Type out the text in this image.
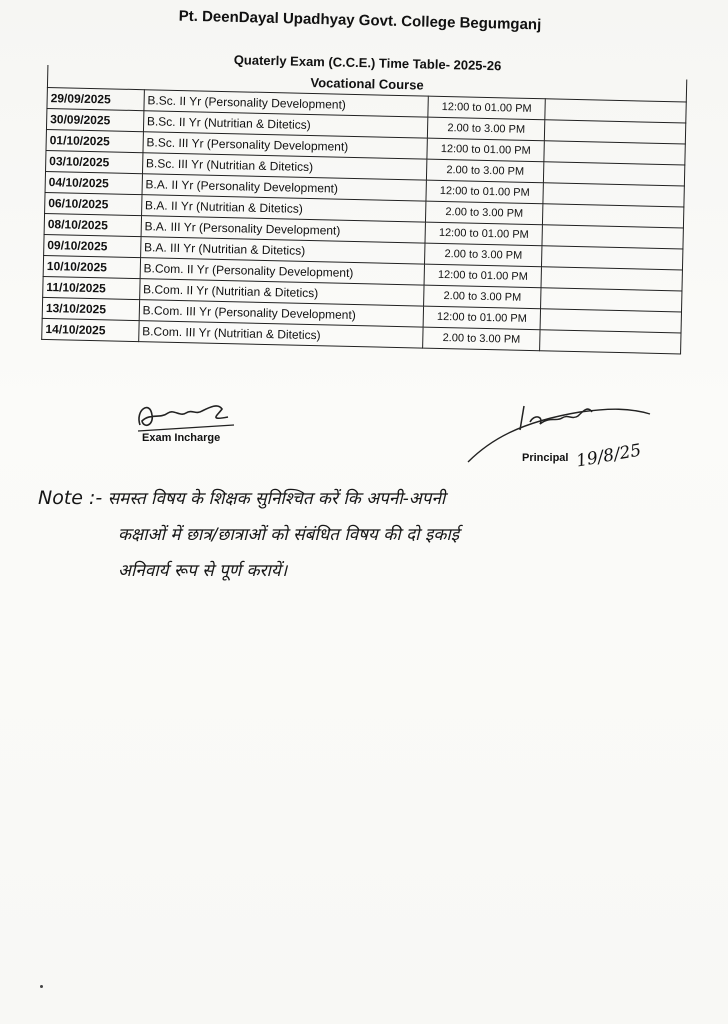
Pt. DeenDayal Upadhyay Govt. College Begumganj
Quaterly Exam (C.C.E.) Time Table- 2025-26
Vocational Course			
29/09/2025	B.Sc. II Yr (Personality Development)	12:00 to 01.00 PM	
30/09/2025	B.Sc. II Yr (Nutritian & Ditetics)	2.00 to 3.00 PM	
01/10/2025	B.Sc. III Yr (Personality Development)	12:00 to 01.00 PM	
03/10/2025	B.Sc. III Yr (Nutritian & Ditetics)	2.00 to 3.00 PM	
04/10/2025	B.A. II Yr (Personality Development)	12:00 to 01.00 PM	
06/10/2025	B.A. II Yr (Nutritian & Ditetics)	2.00 to 3.00 PM	
08/10/2025	B.A. III Yr (Personality Development)	12:00 to 01.00 PM	
09/10/2025	B.A. III Yr (Nutritian & Ditetics)	2.00 to 3.00 PM	
10/10/2025	B.Com. II Yr (Personality Development)	12:00 to 01.00 PM	
11/10/2025	B.Com. II Yr (Nutritian & Ditetics)	2.00 to 3.00 PM	
13/10/2025	B.Com. III Yr (Personality Development)	12:00 to 01.00 PM	
14/10/2025	B.Com. III Yr (Nutritian & Ditetics)	2.00 to 3.00 PM	
Exam Incharge
Principal 19/8/25
Note :- समस्त विषय के शिक्षक सुनिश्चित करें कि अपनी-अपनी
कक्षाओं में छात्र/छात्राओं को संबंधित विषय की दो इकाई
अनिवार्य रूप से पूर्ण करायें।
